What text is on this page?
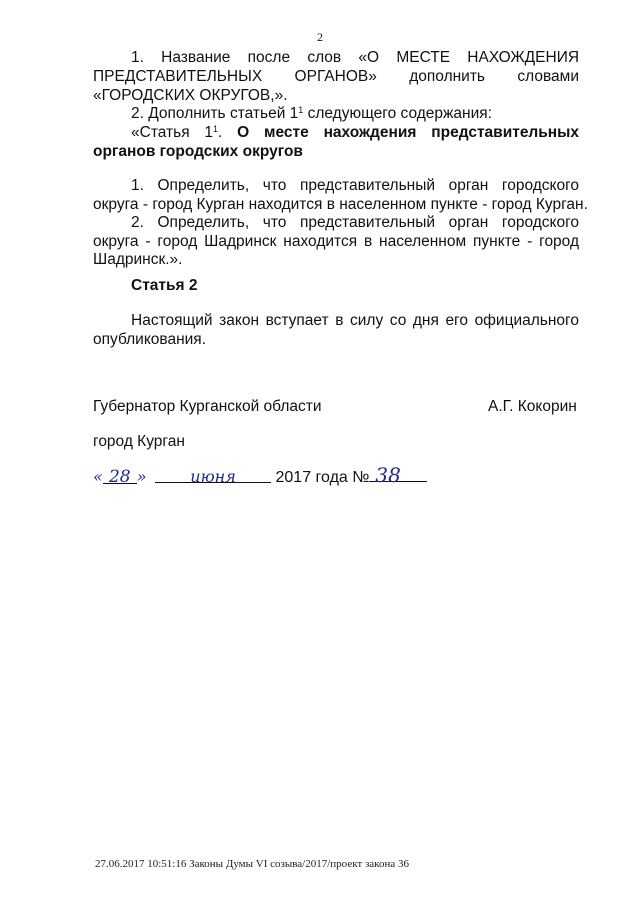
2
1. Название после слов «О МЕСТЕ НАХОЖДЕНИЯ
ПРЕДСТАВИТЕЛЬНЫХ ОРГАНОВ» дополнить словами
«ГОРОДСКИХ ОКРУГОВ,».
2. Дополнить статьей $1^1$ следующего содержания:
«Статья $1^1$. О месте нахождения представительных
органов городских округов
1. Определить, что представительный орган городского
округа - город Курган находится в населенном пункте - город Курган.
2. Определить, что представительный орган городского
округа - город Шадринск находится в населенном пункте - город
Шадринск.».
Статья 2
Настоящий закон вступает в силу со дня его официального
опубликования.
Губернатор Курганской области	А.Г. Кокорин
город Курган
« 28 »	июня 2017 года № 38
27.06.2017 10:51:16 Законы Думы VI созыва/2017/проект закона 36
